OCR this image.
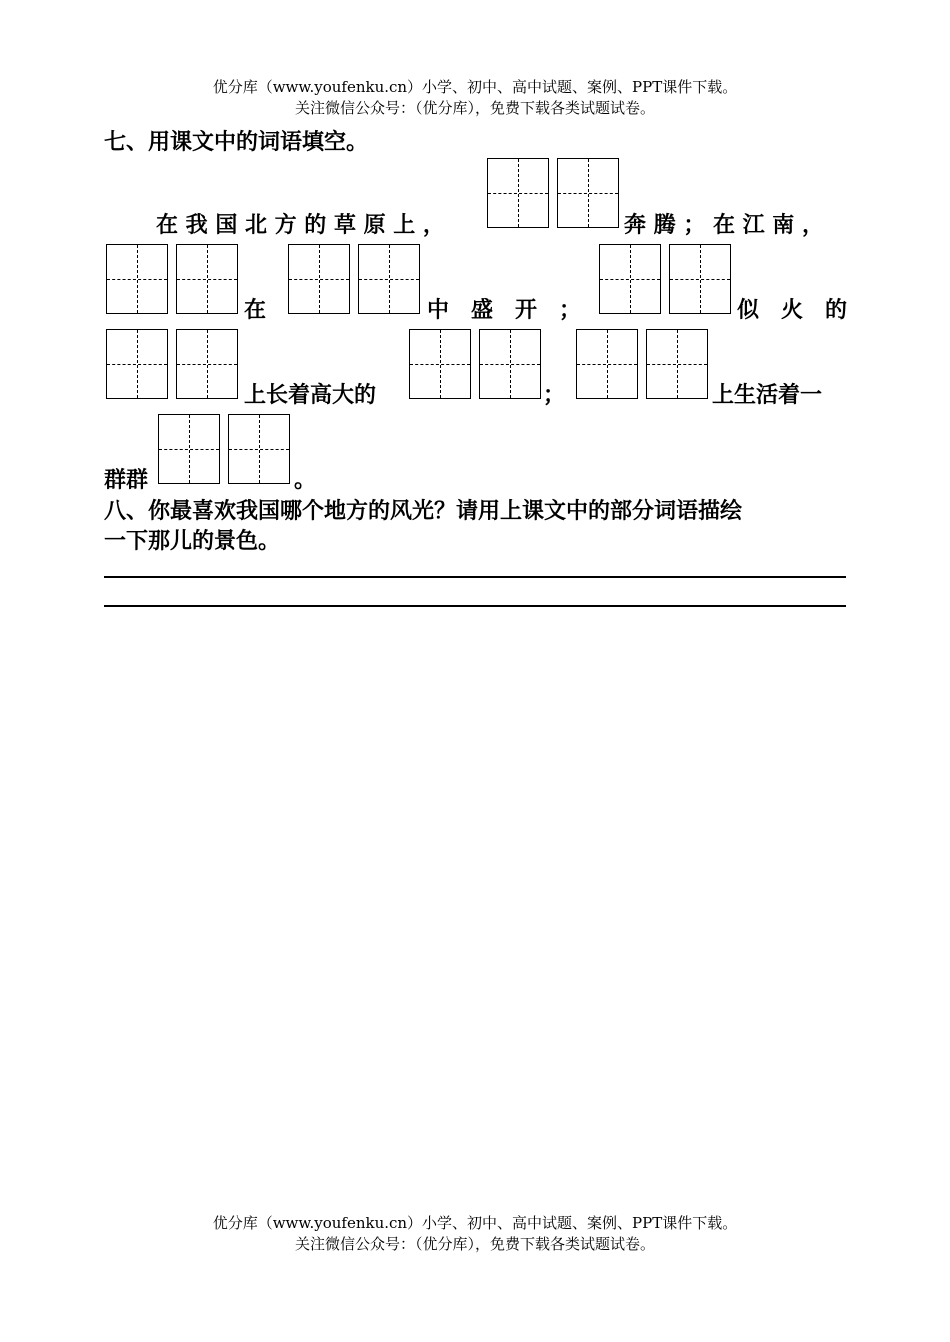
优分库（www.youfenku.cn）小学、初中、高中试题、案例、PPT课件下载。
关注微信公众号：（优分库），免费下载各类试题试卷。
七、用课文中的词语填空。
在 我 国 北 方 的 草 原 上 ，	奔 腾 ； 在 江 南 ，
在	中　盛　开　；	似　火　的
上长着高大的	；	上生活着一
群群	。
八、你最喜欢我国哪个地方的风光？请用上课文中的部分词语描绘
一下那儿的景色。
优分库（www.youfenku.cn）小学、初中、高中试题、案例、PPT课件下载。
关注微信公众号：（优分库），免费下载各类试题试卷。
